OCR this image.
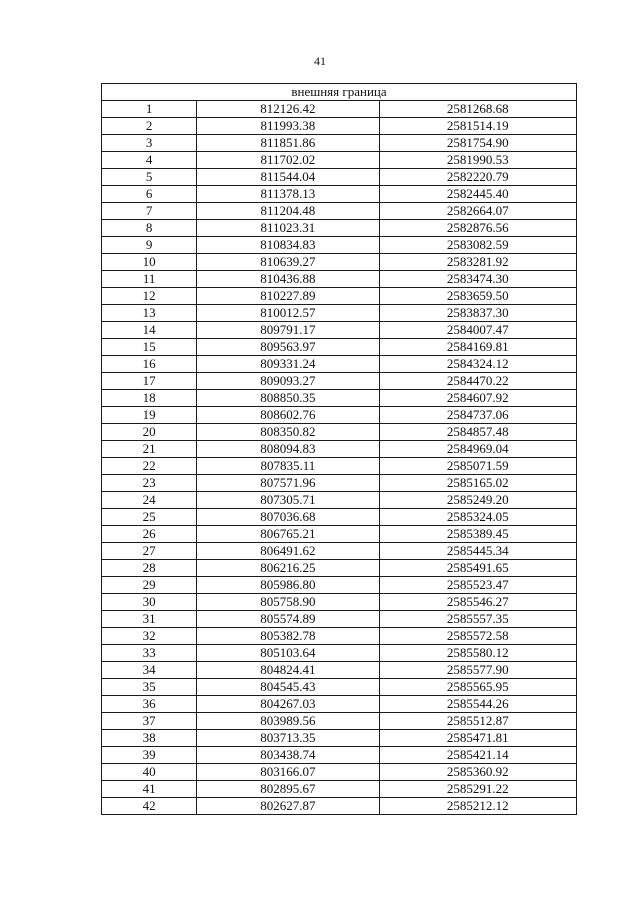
41
внешняя граница		
1	812126.42	2581268.68
2	811993.38	2581514.19
3	811851.86	2581754.90
4	811702.02	2581990.53
5	811544.04	2582220.79
6	811378.13	2582445.40
7	811204.48	2582664.07
8	811023.31	2582876.56
9	810834.83	2583082.59
10	810639.27	2583281.92
11	810436.88	2583474.30
12	810227.89	2583659.50
13	810012.57	2583837.30
14	809791.17	2584007.47
15	809563.97	2584169.81
16	809331.24	2584324.12
17	809093.27	2584470.22
18	808850.35	2584607.92
19	808602.76	2584737.06
20	808350.82	2584857.48
21	808094.83	2584969.04
22	807835.11	2585071.59
23	807571.96	2585165.02
24	807305.71	2585249.20
25	807036.68	2585324.05
26	806765.21	2585389.45
27	806491.62	2585445.34
28	806216.25	2585491.65
29	805986.80	2585523.47
30	805758.90	2585546.27
31	805574.89	2585557.35
32	805382.78	2585572.58
33	805103.64	2585580.12
34	804824.41	2585577.90
35	804545.43	2585565.95
36	804267.03	2585544.26
37	803989.56	2585512.87
38	803713.35	2585471.81
39	803438.74	2585421.14
40	803166.07	2585360.92
41	802895.67	2585291.22
42	802627.87	2585212.12
